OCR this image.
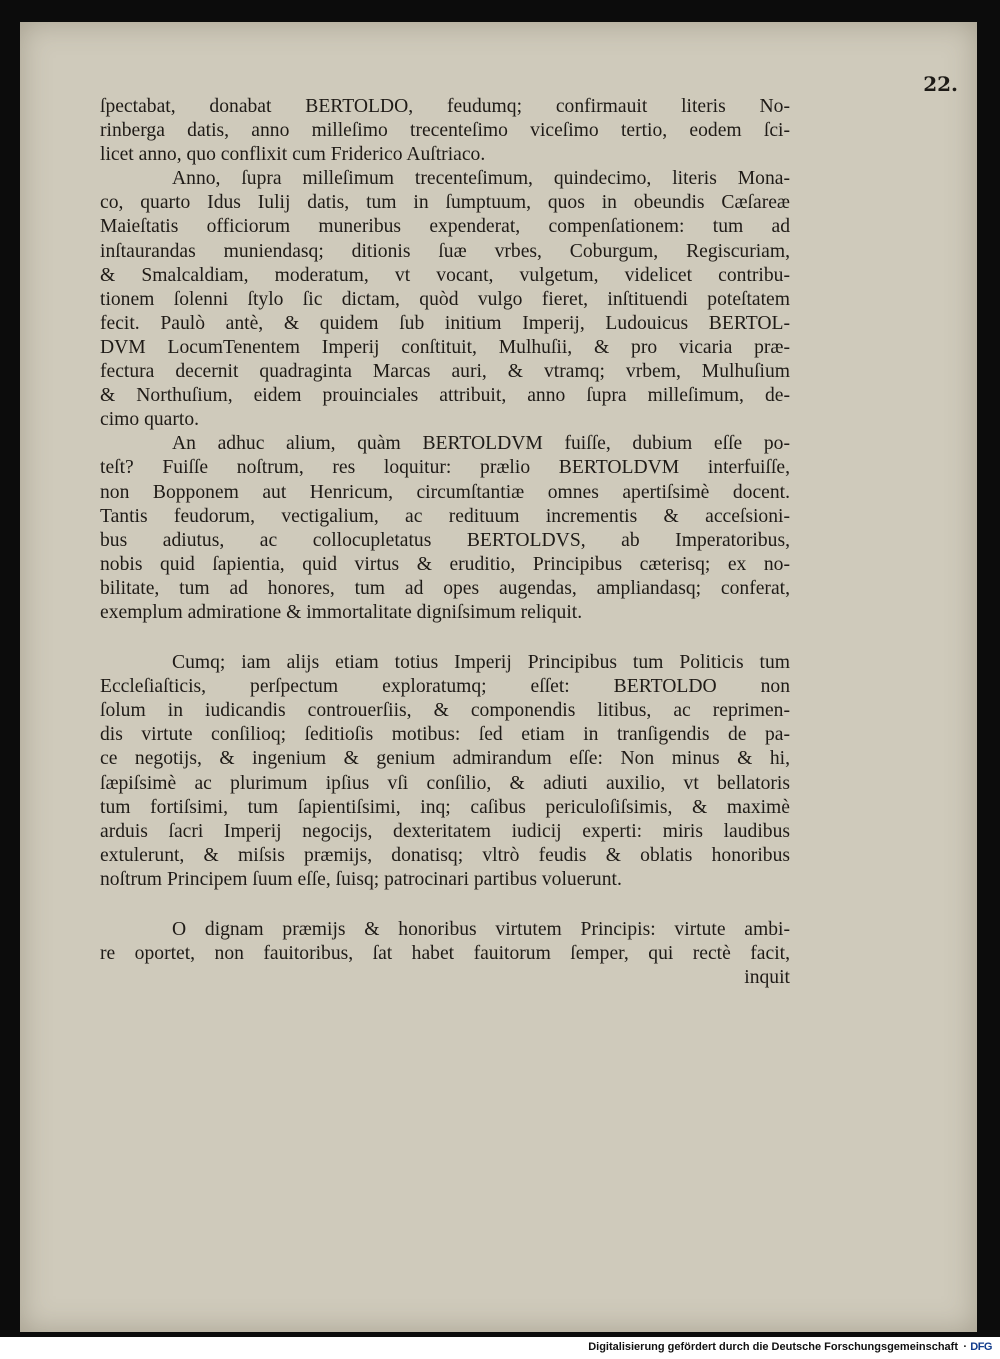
22.

ſpectabat, donabat BERTOLDO, feudumq; confirmauit literis No-
rinberga datis, anno milleſimo trecenteſimo viceſimo tertio, eodem ſci-
licet anno, quo conflixit cum Friderico Auſtriaco.

Anno, ſupra milleſimum trecenteſimum, quindecimo, literis Mona-
co, quarto Idus Iulij datis, tum in ſumptuum, quos in obeundis Cæſareæ
Maieſtatis officiorum muneribus expenderat, compenſationem: tum ad
inſtaurandas muniendasq; ditionis ſuæ vrbes, Coburgum, Regiscuriam,
& Smalcaldiam, moderatum, vt vocant, vulgetum, videlicet contribu-
tionem ſolenni ſtylo ſic dictam, quòd vulgo fieret, inſtituendi poteſtatem
fecit. Paulò antè, & quidem ſub initium Imperij, Ludouicus BERTOL-
DVM LocumTenentem Imperij conſtituit, Mulhuſii, & pro vicaria præ-
fectura decernit quadraginta Marcas auri, & vtramq; vrbem, Mulhuſium
& Northuſium, eidem prouinciales attribuit, anno ſupra milleſimum, de-
cimo quarto.

An adhuc alium, quàm BERTOLDVM fuiſſe, dubium eſſe po-
teſt? Fuiſſe noſtrum, res loquitur: prælio BERTOLDVM interfuiſſe,
non Bopponem aut Henricum, circumſtantiæ omnes apertiſsimè docent.
Tantis feudorum, vectigalium, ac redituum incrementis & acceſsioni-
bus adiutus, ac collocupletatus BERTOLDVS, ab Imperatoribus,
nobis quid ſapientia, quid virtus & eruditio, Principibus cæterisq; ex no-
bilitate, tum ad honores, tum ad opes augendas, ampliandasq; conferat,
exemplum admiratione & immortalitate digniſsimum reliquit.

Cumq; iam alijs etiam totius Imperij Principibus tum Politicis tum
Eccleſiaſticis, perſpectum exploratumq; eſſet: BERTOLDO non
ſolum in iudicandis controuerſiis, & componendis litibus, ac reprimen-
dis virtute conſilioq; ſeditioſis motibus: ſed etiam in tranſigendis de pa-
ce negotijs, & ingenium & genium admirandum eſſe: Non minus & hi,
ſæpiſsimè ac plurimum ipſius vſi conſilio, & adiuti auxilio, vt bellatoris
tum fortiſsimi, tum ſapientiſsimi, inq; caſibus periculoſiſsimis, & maximè
arduis ſacri Imperij negocijs, dexteritatem iudicij experti: miris laudibus
extulerunt, & miſsis præmijs, donatisq; vltrò feudis & oblatis honoribus
noſtrum Principem ſuum eſſe, ſuisq; patrocinari partibus voluerunt.

O dignam præmijs & honoribus virtutem Principis: virtute ambi-
re oportet, non fauitoribus, ſat habet fauitorum ſemper, qui rectè facit,
inquit

Digitalisierung gefördert durch die Deutsche Forschungsgemeinschaft · DFG
